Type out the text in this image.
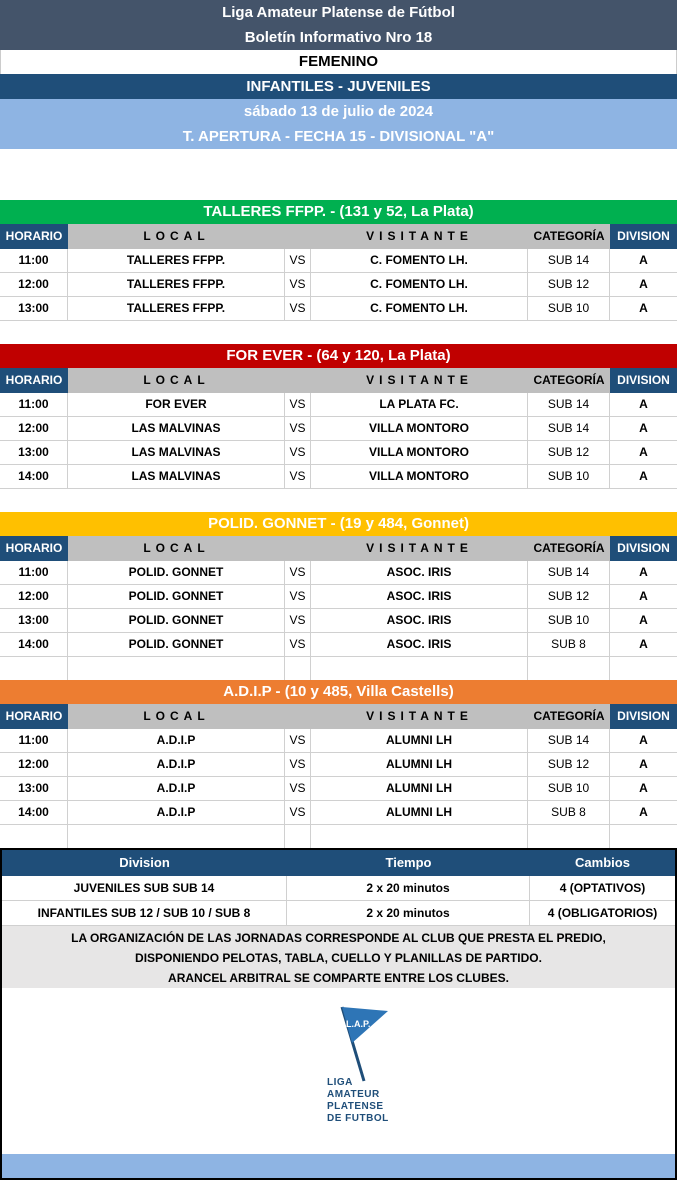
Liga Amateur Platense de Fútbol
Boletín Informativo Nro 18
FEMENINO
INFANTILES - JUVENILES
sábado 13 de julio de 2024
T. APERTURA - FECHA 15 - DIVISIONAL "A"
TALLERES FFPP. - (131 y 52, La Plata)
HORARIO	LOCAL	VISITANTE	CATEGORÍA	DIVISION
11:00	TALLERES FFPP.	VS	C. FOMENTO LH.	SUB 14	A
12:00	TALLERES FFPP.	VS	C. FOMENTO LH.	SUB 12	A
13:00	TALLERES FFPP.	VS	C. FOMENTO LH.	SUB 10	A
FOR EVER - (64 y 120, La Plata)
HORARIO	LOCAL	VISITANTE	CATEGORÍA	DIVISION
11:00	FOR EVER	VS	LA PLATA FC.	SUB 14	A
12:00	LAS MALVINAS	VS	VILLA MONTORO	SUB 14	A
13:00	LAS MALVINAS	VS	VILLA MONTORO	SUB 12	A
14:00	LAS MALVINAS	VS	VILLA MONTORO	SUB 10	A
POLID. GONNET - (19 y 484, Gonnet)
HORARIO	LOCAL	VISITANTE	CATEGORÍA	DIVISION
11:00	POLID. GONNET	VS	ASOC. IRIS	SUB 14	A
12:00	POLID. GONNET	VS	ASOC. IRIS	SUB 12	A
13:00	POLID. GONNET	VS	ASOC. IRIS	SUB 10	A
14:00	POLID. GONNET	VS	ASOC. IRIS	SUB 8	A
A.D.I.P - (10 y 485, Villa Castells)
HORARIO	LOCAL	VISITANTE	CATEGORÍA	DIVISION
11:00	A.D.I.P	VS	ALUMNI LH	SUB 14	A
12:00	A.D.I.P	VS	ALUMNI LH	SUB 12	A
13:00	A.D.I.P	VS	ALUMNI LH	SUB 10	A
14:00	A.D.I.P	VS	ALUMNI LH	SUB 8	A
Division	Tiempo	Cambios
JUVENILES SUB SUB 14	2 x 20 minutos	4 (OPTATIVOS)
INFANTILES SUB 12 / SUB 10 / SUB 8	2 x 20 minutos	4 (OBLIGATORIOS)
LA ORGANIZACIÓN DE LAS JORNADAS CORRESPONDE AL CLUB QUE PRESTA EL PREDIO,
DISPONIENDO PELOTAS, TABLA, CUELLO Y PLANILLAS DE PARTIDO.
ARANCEL ARBITRAL SE COMPARTE ENTRE LOS CLUBES.
L.A.P.
LIGA
AMATEUR
PLATENSE
DE FUTBOL
